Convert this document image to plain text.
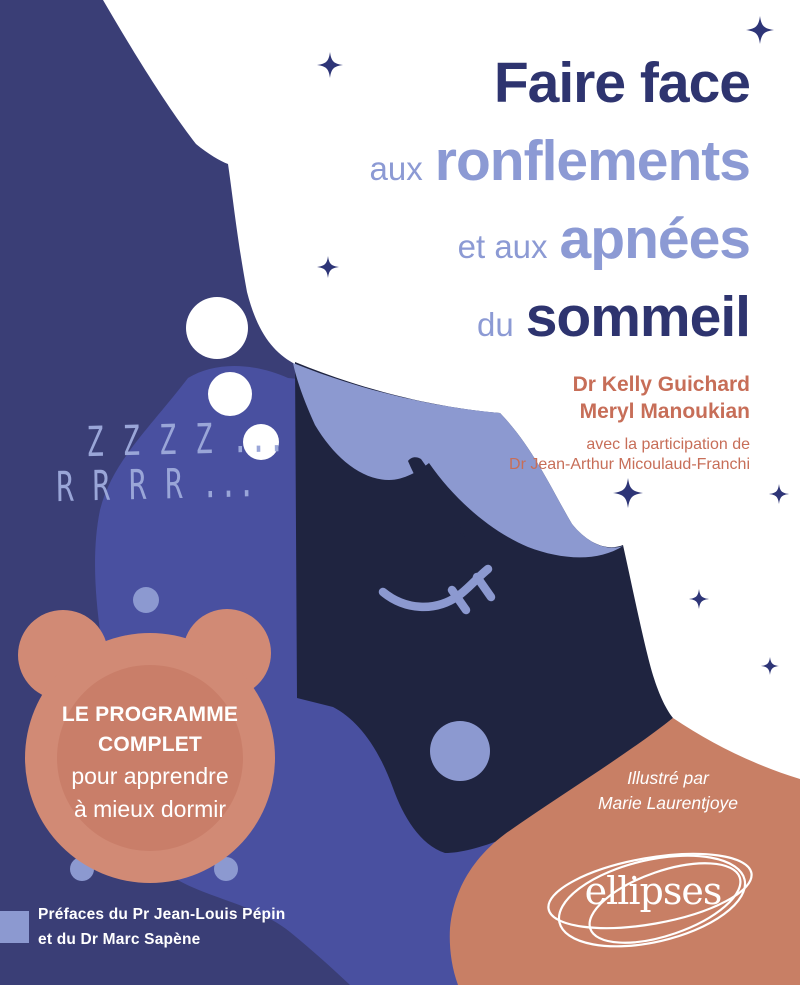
Faire face
aux ronflements
et aux apnées
du sommeil
Dr Kelly Guichard
Meryl Manoukian
avec la participation de
Dr Jean-Arthur Micoulaud-Franchi
Z Z Z Z ...
R R R R ...
LE PROGRAMME
COMPLET
pour apprendre
à mieux dormir
Illustré par
Marie Laurentjoye
Préfaces du Pr Jean-Louis Pépin
et du Dr Marc Sapène
ellipses
